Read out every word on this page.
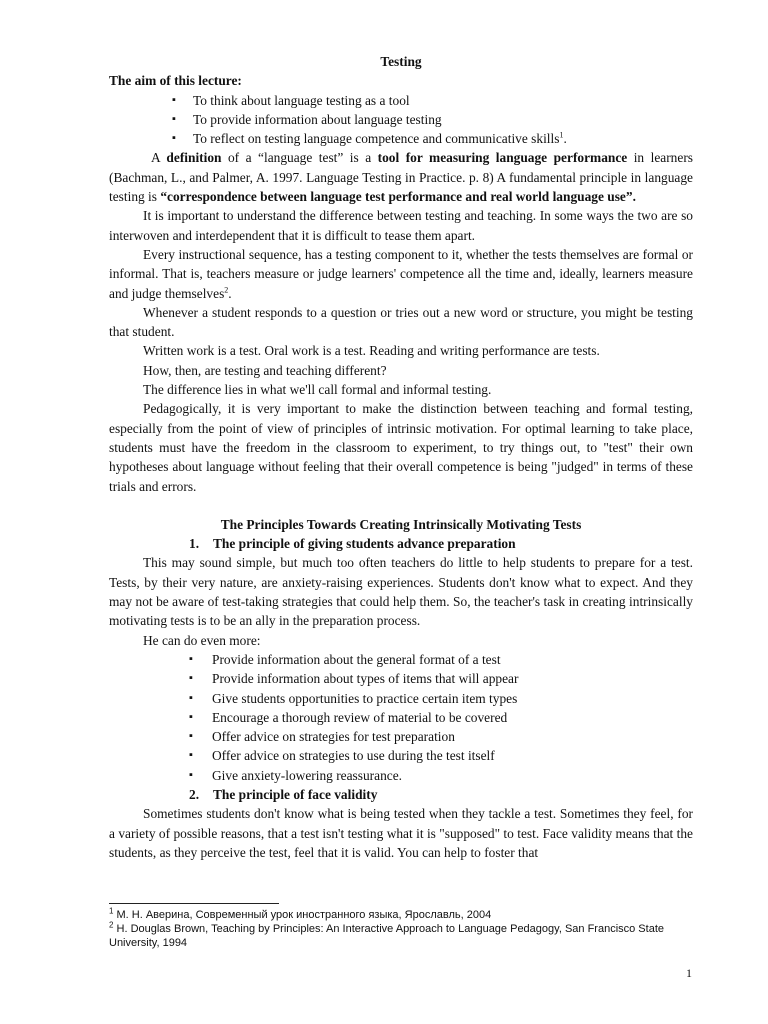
Testing

The aim of this lecture:

▪ To think about language testing as a tool
▪ To provide information about language testing
▪ To reflect on testing language competence and communicative skills$^1$.

A definition of a “language test” is a tool for measuring language performance in learners (Bachman, L., and Palmer, A. 1997. Language Testing in Practice. p. 8) A fundamental principle in language testing is “correspondence between language test performance and real world language use”.

It is important to understand the difference between testing and teaching. In some ways the two are so interwoven and interdependent that it is difficult to tease them apart.

Every instructional sequence, has a testing component to it, whether the tests themselves are formal or informal. That is, teachers measure or judge learners' competence all the time and, ideally, learners measure and judge themselves$^2$.

Whenever a student responds to a question or tries out a new word or structure, you might be testing that student.

Written work is a test. Oral work is a test. Reading and writing performance are tests.

How, then, are testing and teaching different?

The difference lies in what we'll call formal and informal testing.

Pedagogically, it is very important to make the distinction between teaching and formal testing, especially from the point of view of principles of intrinsic motivation. For optimal learning to take place, students must have the freedom in the classroom to experiment, to try things out, to "test" their own hypotheses about language without feeling that their overall competence is being "judged" in terms of these trials and errors.

The Principles Towards Creating Intrinsically Motivating Tests

1. The principle of giving students advance preparation

This may sound simple, but much too often teachers do little to help students to prepare for a test. Tests, by their very nature, are anxiety-raising experiences. Students don't know what to expect. And they may not be aware of test-taking strategies that could help them. So, the teacher's task in creating intrinsically motivating tests is to be an ally in the preparation process.

He can do even more:

▪ Provide information about the general format of a test
▪ Provide information about types of items that will appear
▪ Give students opportunities to practice certain item types
▪ Encourage a thorough review of material to be covered
▪ Offer advice on strategies for test preparation
▪ Offer advice on strategies to use during the test itself
▪ Give anxiety-lowering reassurance.

2. The principle of face validity

Sometimes students don't know what is being tested when they tackle a test. Sometimes they feel, for a variety of possible reasons, that a test isn't testing what it is "supposed" to test. Face validity means that the students, as they perceive the test, feel that it is valid. You can help to foster that

$^1$ М. Н. Аверина, Современный урок иностранного языка, Ярославль, 2004

$^2$ H. Douglas Brown, Teaching by Principles: An Interactive Approach to Language Pedagogy, San Francisco State University, 1994

1
